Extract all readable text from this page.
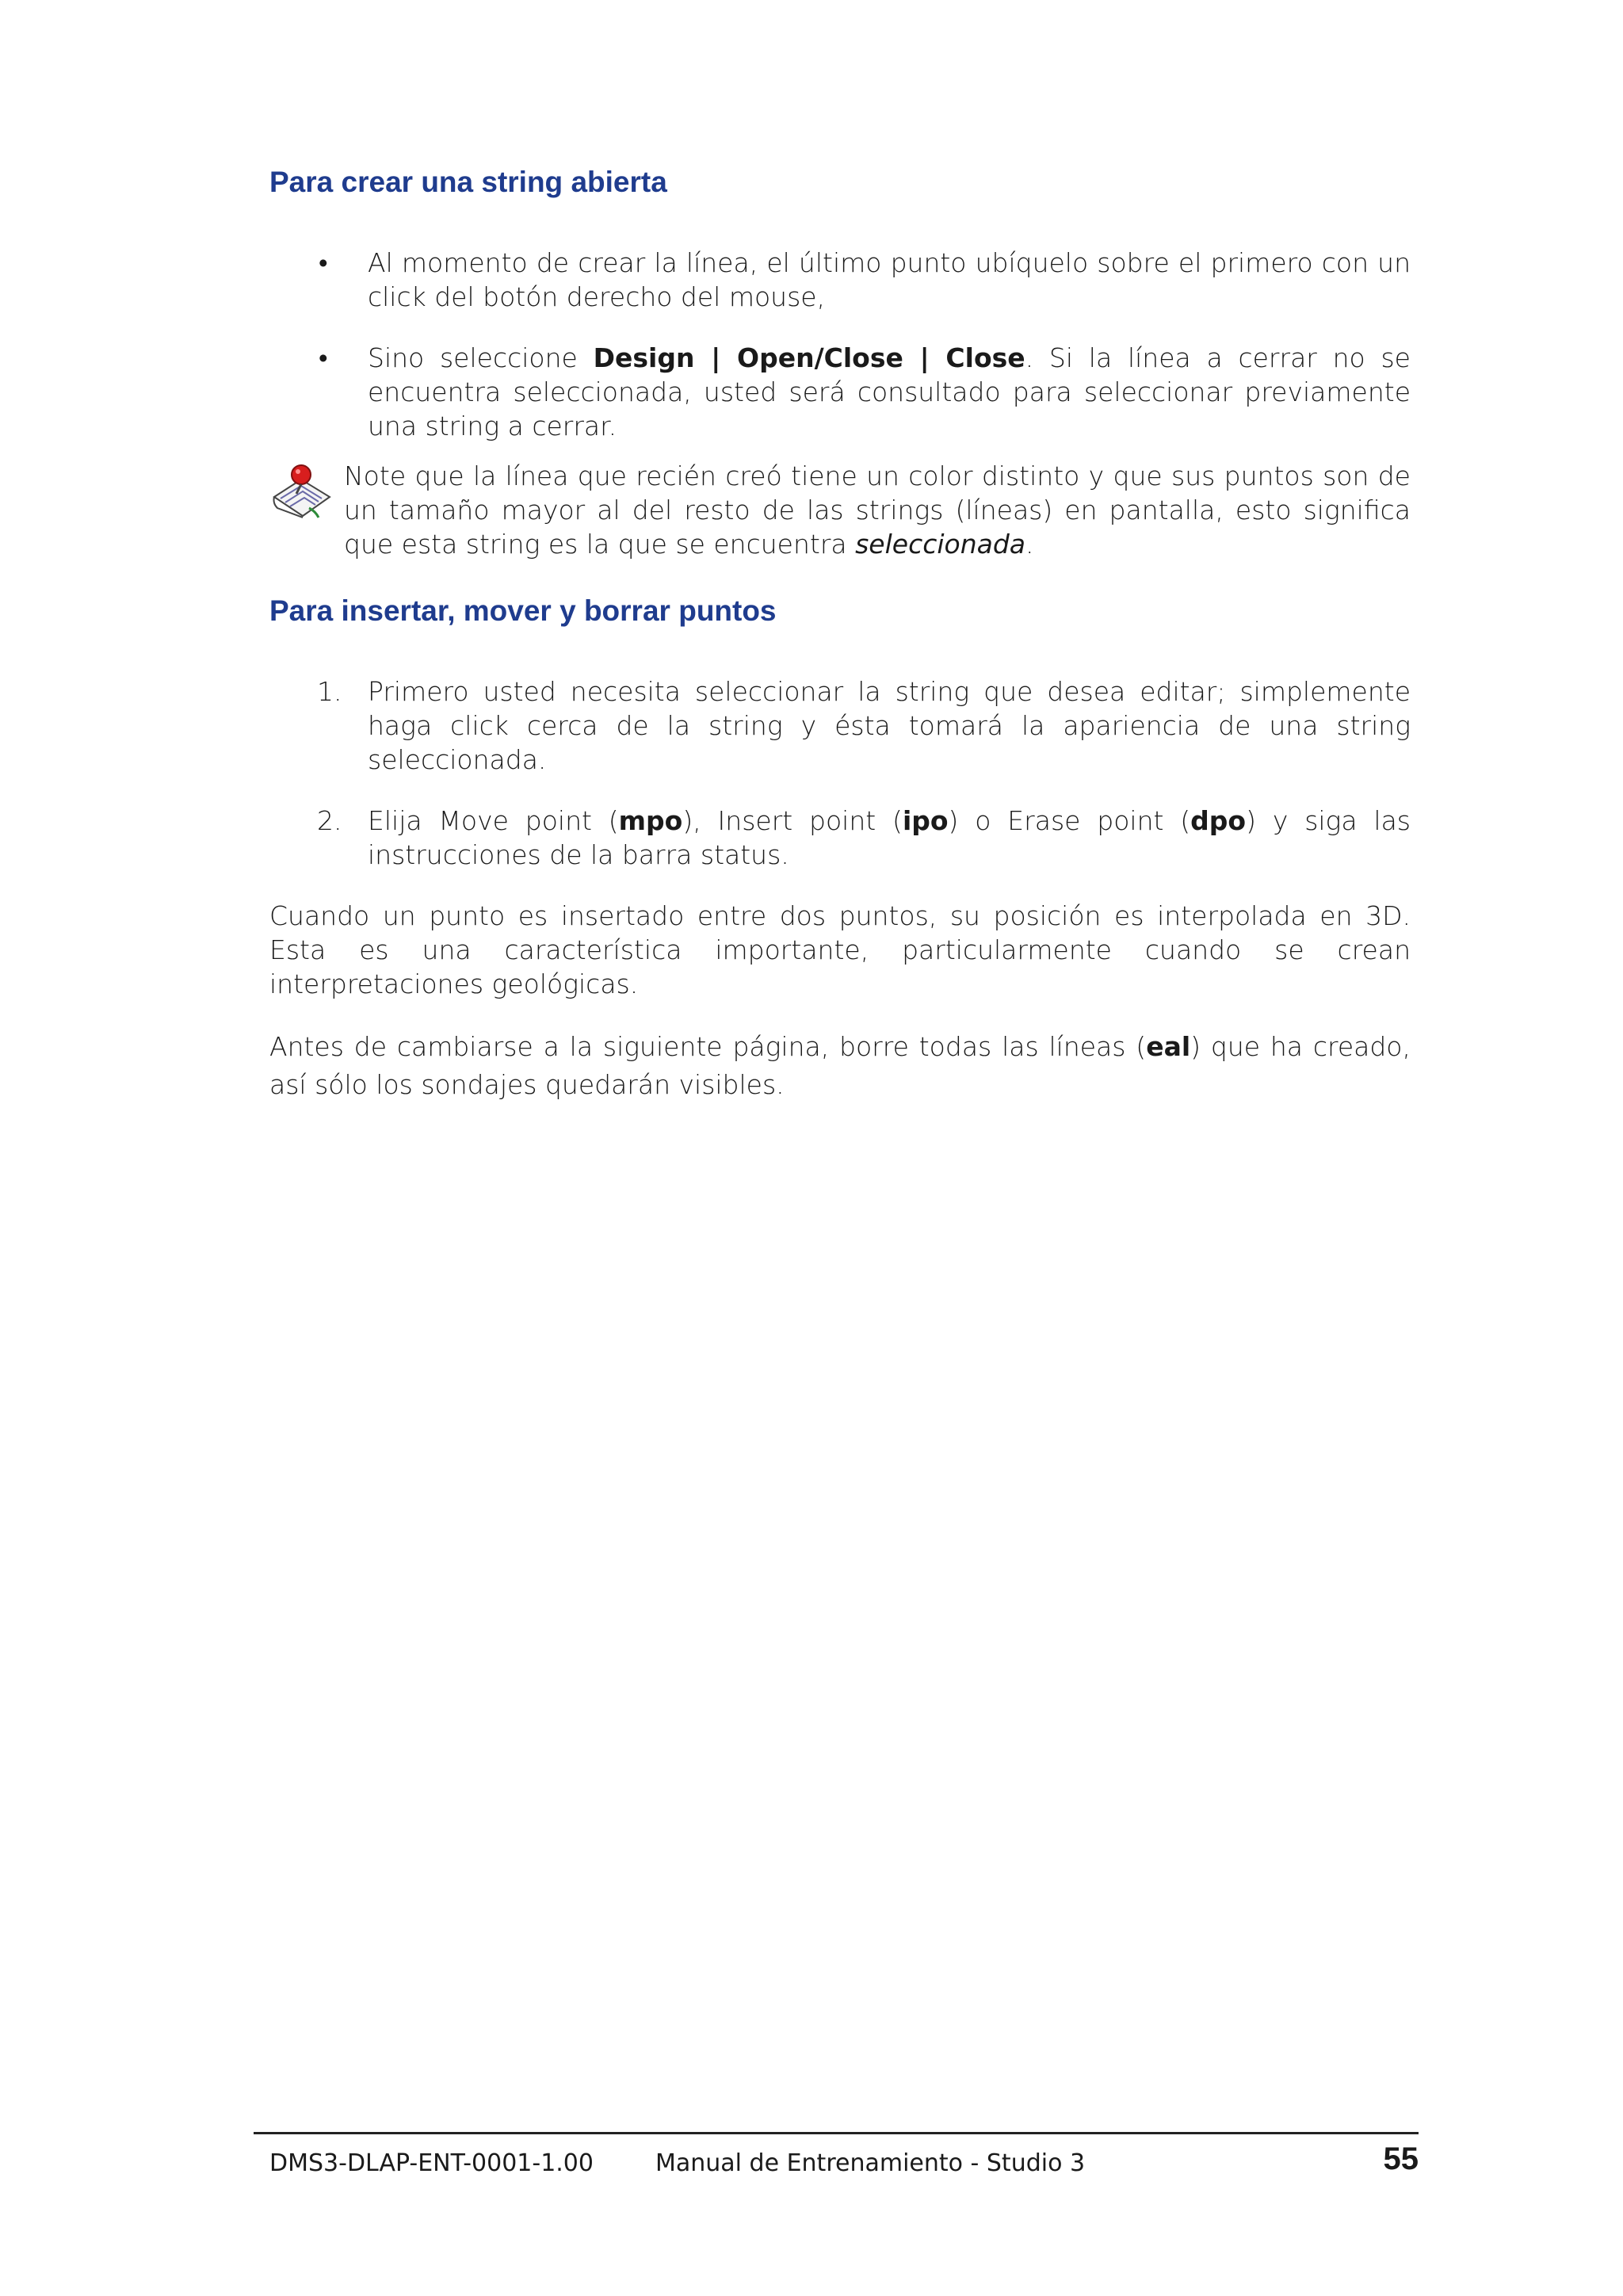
Para crear una string abierta
• Al momento de crear la línea, el último punto ubíquelo sobre el primero con un click del botón derecho del mouse,

• Sino seleccione Design | Open/Close | Close. Si la línea a cerrar no se encuentra seleccionada, usted será consultado para seleccionar previamente una string a cerrar.

Note que la línea que recién creó tiene un color distinto y que sus puntos son de un tamaño mayor al del resto de las strings (líneas) en pantalla, esto significa que esta string es la que se encuentra seleccionada.

Para insertar, mover y borrar puntos
1. Primero usted necesita seleccionar la string que desea editar; simplemente haga click cerca de la string y ésta tomará la apariencia de una string seleccionada.

2. Elija Move point (mpo), Insert point (ipo) o Erase point (dpo) y siga las instrucciones de la barra status.

Cuando un punto es insertado entre dos puntos, su posición es interpolada en 3D. Esta es una característica importante, particularmente cuando se crean interpretaciones geológicas.

Antes de cambiarse a la siguiente página, borre todas las líneas (eal) que ha creado, así sólo los sondajes quedarán visibles.

DMS3-DLAP-ENT-0001-1.00	Manual de Entrenamiento - Studio 3	55
